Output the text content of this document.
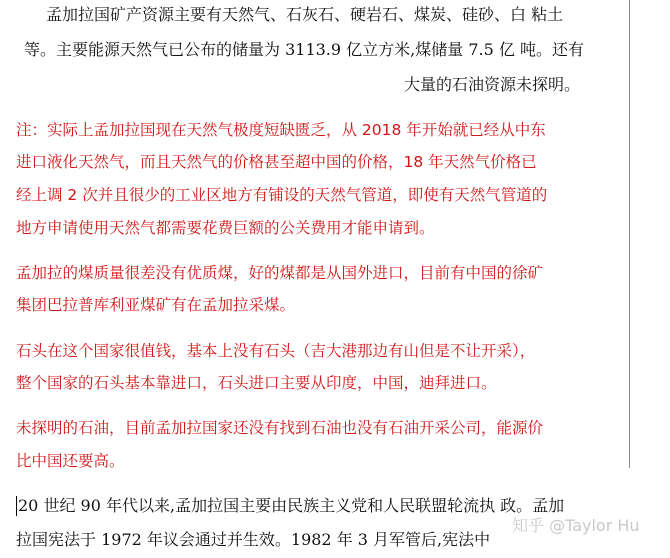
孟加拉国矿产资源主要有天然气、石灰石、硬岩石、煤炭、硅砂、白 粘土
等。主要能源天然气已公布的储量为 3113.9 亿立方米,煤储量 7.5 亿 吨。还有
大量的石油资源未探明。
注：实际上孟加拉国现在天然气极度短缺匮乏，从 2018 年开始就已经从中东
进口液化天然气，而且天然气的价格甚至超中国的价格，18 年天然气价格已
经上调 2 次并且很少的工业区地方有铺设的天然气管道，即使有天然气管道的
地方申请使用天然气都需要花费巨额的公关费用才能申请到。
孟加拉的煤质量很差没有优质煤，好的煤都是从国外进口，目前有中国的徐矿
集团巴拉普库利亚煤矿有在孟加拉采煤。
石头在这个国家很值钱，基本上没有石头（吉大港那边有山但是不让开采），
整个国家的石头基本靠进口，石头进口主要从印度，中国，迪拜进口。
未探明的石油，目前孟加拉国家还没有找到石油也没有石油开采公司，能源价
比中国还要高。
20 世纪 90 年代以来,孟加拉国主要由民族主义党和人民联盟轮流执 政。孟加
拉国宪法于 1972 年议会通过并生效。1982 年 3 月军管后,宪法中
知乎 @Taylor Hu
